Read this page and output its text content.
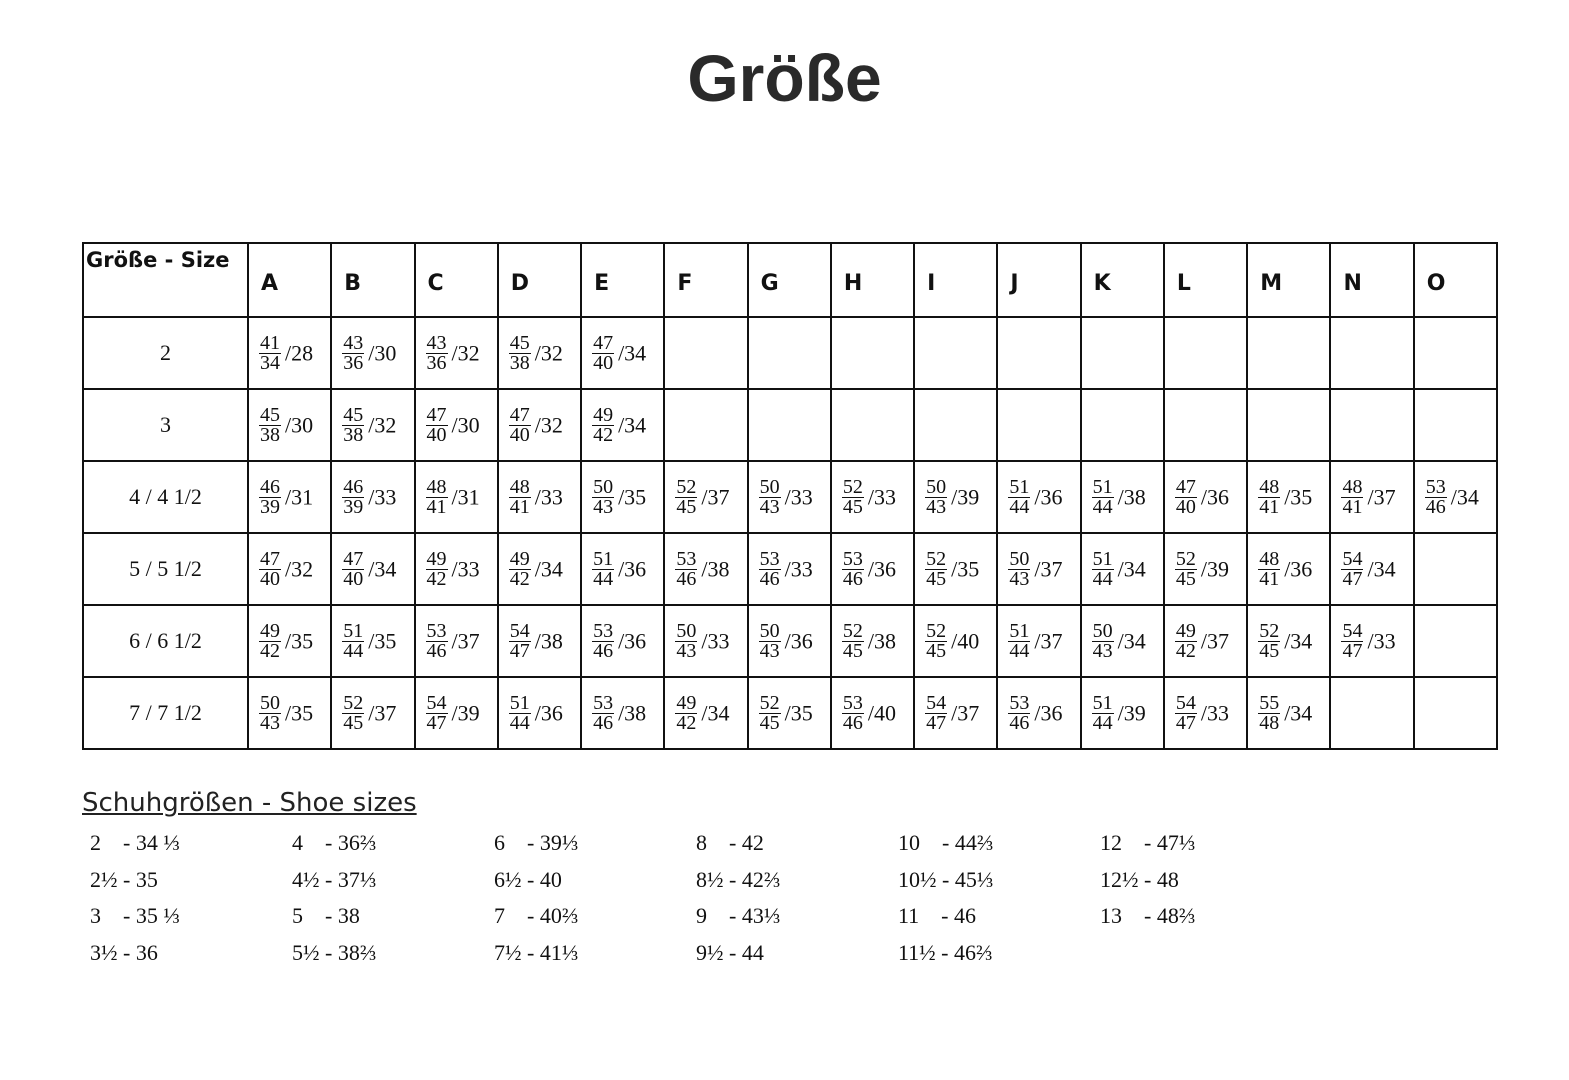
Größe
Größe - Size	A	B	C	D	E	F	G	H	I	J	K	L	M	N	O
2	$\frac{41}{34} /28$	$\frac{43}{36} /30$	$\frac{43}{36} /32$	$\frac{45}{38} /32$	$\frac{47}{40} /34$										
3	$\frac{45}{38} /30$	$\frac{45}{38} /32$	$\frac{47}{40} /30$	$\frac{47}{40} /32$	$\frac{49}{42} /34$										
4 / 4 1/2	$\frac{46}{39} /31$	$\frac{46}{39} /33$	$\frac{48}{41} /31$	$\frac{48}{41} /33$	$\frac{50}{43} /35$	$\frac{52}{45} /37$	$\frac{50}{43} /33$	$\frac{52}{45} /33$	$\frac{50}{43} /39$	$\frac{51}{44} /36$	$\frac{51}{44} /38$	$\frac{47}{40} /36$	$\frac{48}{41} /35$	$\frac{48}{41} /37$	$\frac{53}{46} /34$
5 / 5 1/2	$\frac{47}{40} /32$	$\frac{47}{40} /34$	$\frac{49}{42} /33$	$\frac{49}{42} /34$	$\frac{51}{44} /36$	$\frac{53}{46} /38$	$\frac{53}{46} /33$	$\frac{53}{46} /36$	$\frac{52}{45} /35$	$\frac{50}{43} /37$	$\frac{51}{44} /34$	$\frac{52}{45} /39$	$\frac{48}{41} /36$	$\frac{54}{47} /34$	
6 / 6 1/2	$\frac{49}{42} /35$	$\frac{51}{44} /35$	$\frac{53}{46} /37$	$\frac{54}{47} /38$	$\frac{53}{46} /36$	$\frac{50}{43} /33$	$\frac{50}{43} /36$	$\frac{52}{45} /38$	$\frac{52}{45} /40$	$\frac{51}{44} /37$	$\frac{50}{43} /34$	$\frac{49}{42} /37$	$\frac{52}{45} /34$	$\frac{54}{47} /33$	
7 / 7 1/2	$\frac{50}{43} /35$	$\frac{52}{45} /37$	$\frac{54}{47} /39$	$\frac{51}{44} /36$	$\frac{53}{46} /38$	$\frac{49}{42} /34$	$\frac{52}{45} /35$	$\frac{53}{46} /40$	$\frac{54}{47} /37$	$\frac{53}{46} /36$	$\frac{51}{44} /39$	$\frac{54}{47} /33$	$\frac{55}{48} /34$		
Schuhgrößen - Shoe sizes
2    - 34 ⅓
2½ - 35
3    - 35 ⅓
3½ - 36
4    - 36⅔
4½ - 37⅓
5    - 38
5½ - 38⅔
6    - 39⅓
6½ - 40
7    - 40⅔
7½ - 41⅓
8    - 42
8½ - 42⅔
9    - 43⅓
9½ - 44
10    - 44⅔
10½ - 45⅓
11    - 46
11½ - 46⅔
12    - 47⅓
12½ - 48
13    - 48⅔
